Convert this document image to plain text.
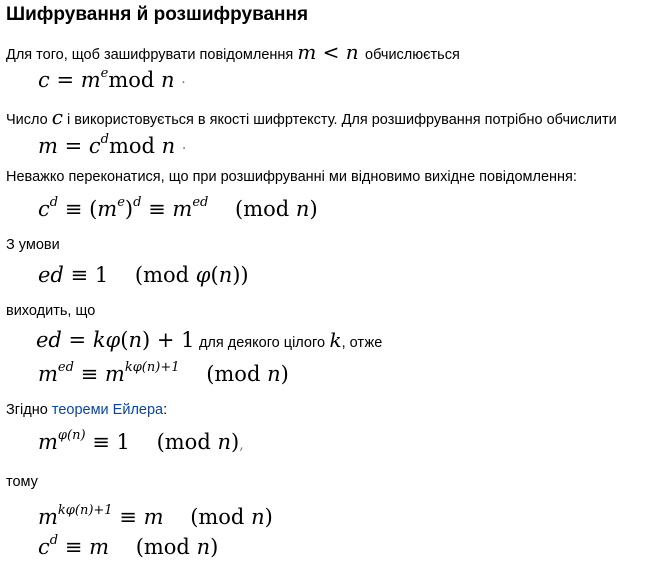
Шифрування й розшифрування
Для того, щоб зашифрувати повідомлення m < n обчислюється
$c = m^emod$ n ·
Число c і використовується в якості шифртексту. Для розшифрування потрібно обчислити
$m = c^dmod$ n ·
Неважко переконатися, що при розшифруванні ми відновимо вихідне повідомлення:
$c^d \equiv (m^e)^d \equiv m^{ed}$ (mod n)
З умови
ed ≡ 1 (mod φ(n))
виходить, що
ed = kφ(n) + 1 для деякого цілого k, отже
$m^{ed} \equiv m^{k\varphi(n)+1}$ (mod n)
Згідно теореми Ейлера:
$m^{\varphi(n)} \equiv 1$ (mod n),
тому
$m^{k\varphi(n)+1} \equiv m$    (mod n)
$c^d \equiv m$    (mod n)
